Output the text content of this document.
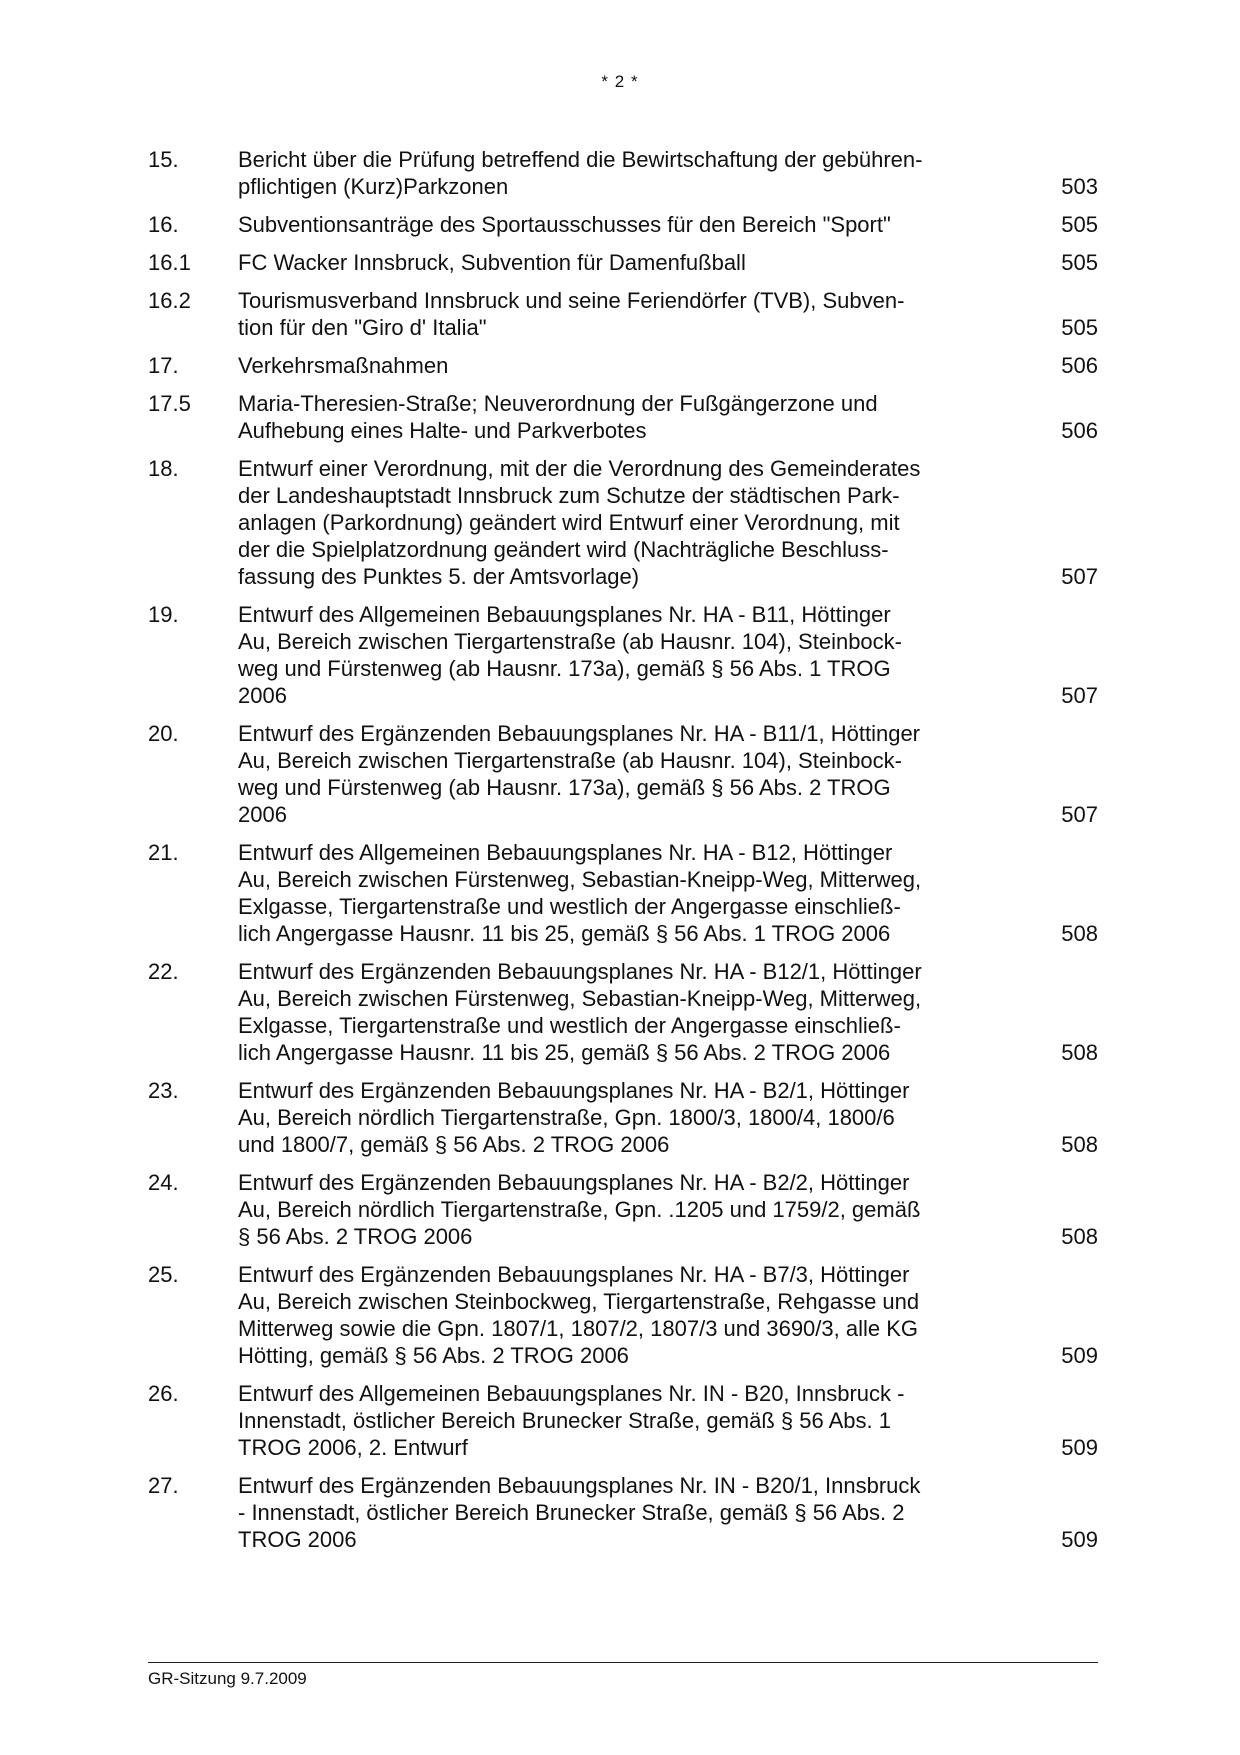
* 2 *
15.	Bericht über die Prüfung betreffend die Bewirtschaftung der gebühren-
pflichtigen (Kurz)Parkzonen	503
16.	Subventionsanträge des Sportausschusses für den Bereich "Sport"	505
16.1	FC Wacker Innsbruck, Subvention für Damenfußball	505
16.2	Tourismusverband Innsbruck und seine Feriendörfer (TVB), Subven-
tion für den "Giro d' Italia"	505
17.	Verkehrsmaßnahmen	506
17.5	Maria-Theresien-Straße; Neuverordnung der Fußgängerzone und
Aufhebung eines Halte- und Parkverbotes	506
18.	Entwurf einer Verordnung, mit der die Verordnung des Gemeinderates
der Landeshauptstadt Innsbruck zum Schutze der städtischen Park-
anlagen (Parkordnung) geändert wird Entwurf einer Verordnung, mit
der die Spielplatzordnung geändert wird (Nachträgliche Beschluss-
fassung des Punktes 5. der Amtsvorlage)	507
19.	Entwurf des Allgemeinen Bebauungsplanes Nr. HA - B11, Höttinger
Au, Bereich zwischen Tiergartenstraße (ab Hausnr. 104), Steinbock-
weg und Fürstenweg (ab Hausnr. 173a), gemäß § 56 Abs. 1 TROG
2006	507
20.	Entwurf des Ergänzenden Bebauungsplanes Nr. HA - B11/1, Höttinger
Au, Bereich zwischen Tiergartenstraße (ab Hausnr. 104), Steinbock-
weg und Fürstenweg (ab Hausnr. 173a), gemäß § 56 Abs. 2 TROG
2006	507
21.	Entwurf des Allgemeinen Bebauungsplanes Nr. HA - B12, Höttinger
Au, Bereich zwischen Fürstenweg, Sebastian-Kneipp-Weg, Mitterweg,
Exlgasse, Tiergartenstraße und westlich der Angergasse einschließ-
lich Angergasse Hausnr. 11 bis 25, gemäß § 56 Abs. 1 TROG 2006	508
22.	Entwurf des Ergänzenden Bebauungsplanes Nr. HA - B12/1, Höttinger
Au, Bereich zwischen Fürstenweg, Sebastian-Kneipp-Weg, Mitterweg,
Exlgasse, Tiergartenstraße und westlich der Angergasse einschließ-
lich Angergasse Hausnr. 11 bis 25, gemäß § 56 Abs. 2 TROG 2006	508
23.	Entwurf des Ergänzenden Bebauungsplanes Nr. HA - B2/1, Höttinger
Au, Bereich nördlich Tiergartenstraße, Gpn. 1800/3, 1800/4, 1800/6
und 1800/7, gemäß § 56 Abs. 2 TROG 2006	508
24.	Entwurf des Ergänzenden Bebauungsplanes Nr. HA - B2/2, Höttinger
Au, Bereich nördlich Tiergartenstraße, Gpn. .1205 und 1759/2, gemäß
§ 56 Abs. 2 TROG 2006	508
25.	Entwurf des Ergänzenden Bebauungsplanes Nr. HA - B7/3, Höttinger
Au, Bereich zwischen Steinbockweg, Tiergartenstraße, Rehgasse und
Mitterweg sowie die Gpn. 1807/1, 1807/2, 1807/3 und 3690/3, alle KG
Hötting, gemäß § 56 Abs. 2 TROG 2006	509
26.	Entwurf des Allgemeinen Bebauungsplanes Nr. IN - B20, Innsbruck -
Innenstadt, östlicher Bereich Brunecker Straße, gemäß § 56 Abs. 1
TROG 2006, 2. Entwurf	509
27.	Entwurf des Ergänzenden Bebauungsplanes Nr. IN - B20/1, Innsbruck
- Innenstadt, östlicher Bereich Brunecker Straße, gemäß § 56 Abs. 2
TROG 2006	509
GR-Sitzung 9.7.2009
